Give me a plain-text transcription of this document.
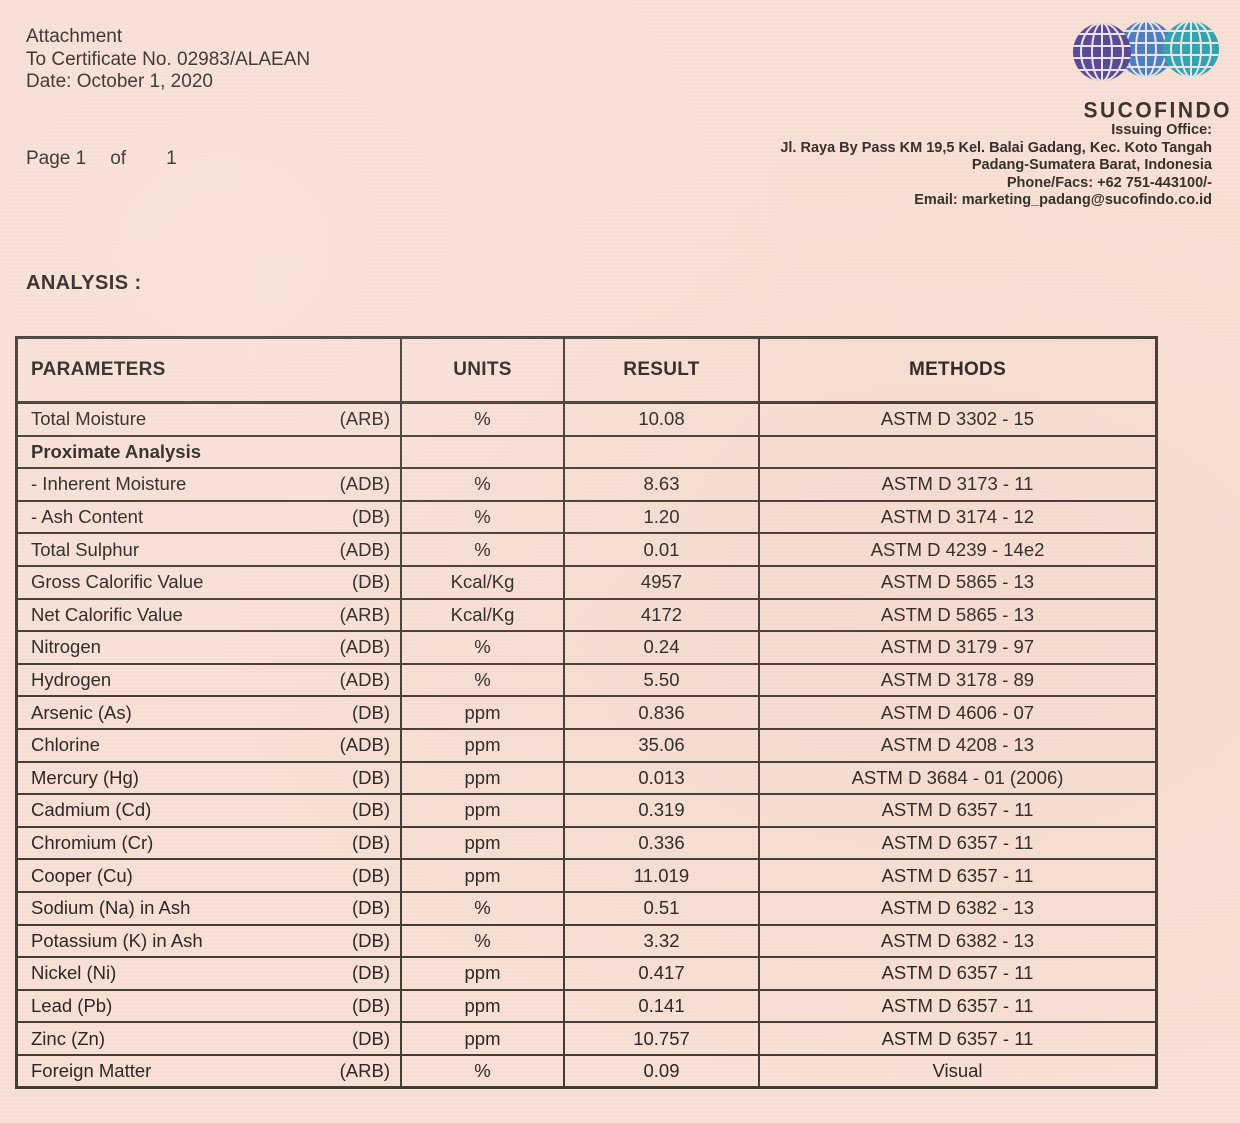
Attachment
To Certificate No. 02983/ALAEAN
Date: October 1, 2020
Page 1 of 1
SUCOFINDO
Issuing Office:
Jl. Raya By Pass KM 19,5 Kel. Balai Gadang, Kec. Koto Tangah
Padang-Sumatera Barat, Indonesia
Phone/Facs: +62 751-443100/-
Email: marketing_padang@sucofindo.co.id
ANALYSIS :
PARAMETERS	UNITS	RESULT	METHODS

Total Moisture (ARB)	%	10.08	ASTM D 3302 - 15

Proximate Analysis			

- Inherent Moisture (ADB)	%	8.63	ASTM D 3173 - 11

- Ash Content (DB)	%	1.20	ASTM D 3174 - 12

Total Sulphur (ADB)	%	0.01	ASTM D 4239 - 14e2

Gross Calorific Value (DB)	Kcal/Kg	4957	ASTM D 5865 - 13

Net Calorific Value (ARB)	Kcal/Kg	4172	ASTM D 5865 - 13

Nitrogen (ADB)	%	0.24	ASTM D 3179 - 97

Hydrogen (ADB)	%	5.50	ASTM D 3178 - 89

Arsenic (As) (DB)	ppm	0.836	ASTM D 4606 - 07

Chlorine (ADB)	ppm	35.06	ASTM D 4208 - 13

Mercury (Hg) (DB)	ppm	0.013	ASTM D 3684 - 01 (2006)

Cadmium (Cd) (DB)	ppm	0.319	ASTM D 6357 - 11

Chromium (Cr) (DB)	ppm	0.336	ASTM D 6357 - 11

Cooper (Cu) (DB)	ppm	11.019	ASTM D 6357 - 11

Sodium (Na) in Ash (DB)	%	0.51	ASTM D 6382 - 13

Potassium (K) in Ash (DB)	%	3.32	ASTM D 6382 - 13

Nickel (Ni) (DB)	ppm	0.417	ASTM D 6357 - 11

Lead (Pb) (DB)	ppm	0.141	ASTM D 6357 - 11

Zinc (Zn) (DB)	ppm	10.757	ASTM D 6357 - 11

Foreign Matter (ARB)	%	0.09	Visual
